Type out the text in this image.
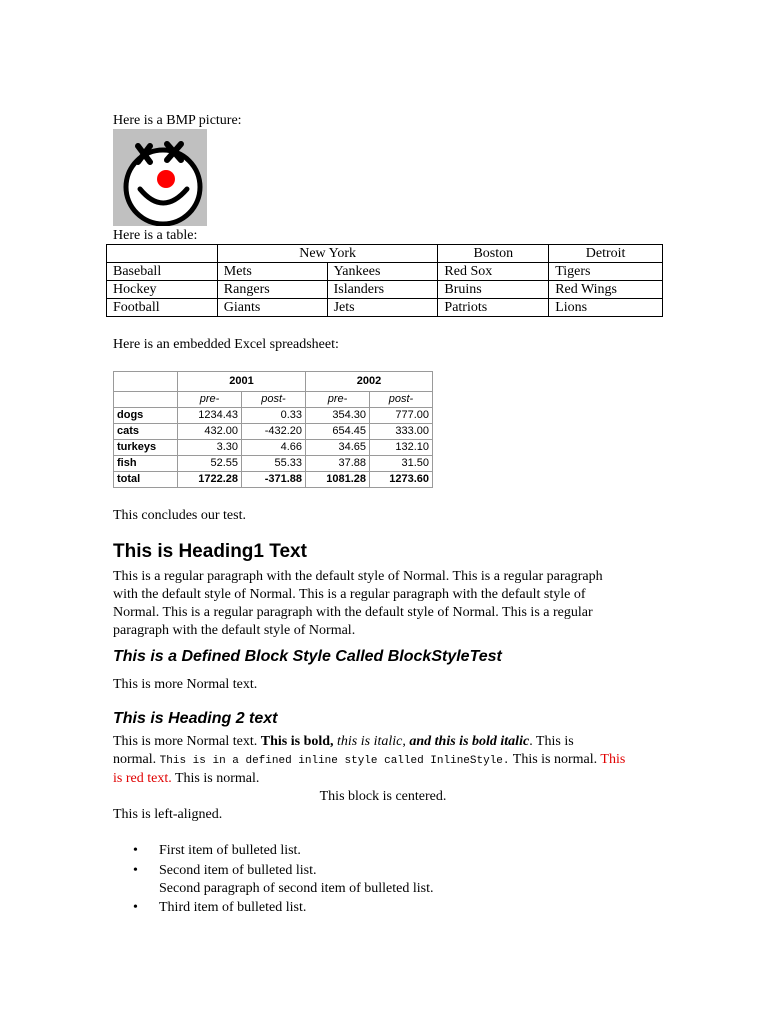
Here is a BMP picture:
Here is a table:
	New York		Boston	Detroit
Baseball	Mets	Yankees	Red Sox	Tigers
Hockey	Rangers	Islanders	Bruins	Red Wings
Football	Giants	Jets	Patriots	Lions
Here is an embedded Excel spreadsheet:
	2001		2002	
	pre-	post-	pre-	post-
dogs	1234.43	0.33	354.30	777.00
cats	432.00	-432.20	654.45	333.00
turkeys	3.30	4.66	34.65	132.10
fish	52.55	55.33	37.88	31.50
total	1722.28	-371.88	1081.28	1273.60
This concludes our test.
This is Heading1 Text
This is a regular paragraph with the default style of Normal. This is a regular paragraph
with the default style of Normal. This is a regular paragraph with the default style of
Normal. This is a regular paragraph with the default style of Normal. This is a regular
paragraph with the default style of Normal.
This is a Defined Block Style Called BlockStyleTest
This is more Normal text.
This is Heading 2 text
This is more Normal text. This is bold, this is italic, and this is bold italic. This is
normal. This is in a defined inline style called InlineStyle. This is normal. This
is red text. This is normal.
This block is centered.
This is left-aligned.
• First item of bulleted list.
• Second item of bulleted list.
Second paragraph of second item of bulleted list.
• Third item of bulleted list.
